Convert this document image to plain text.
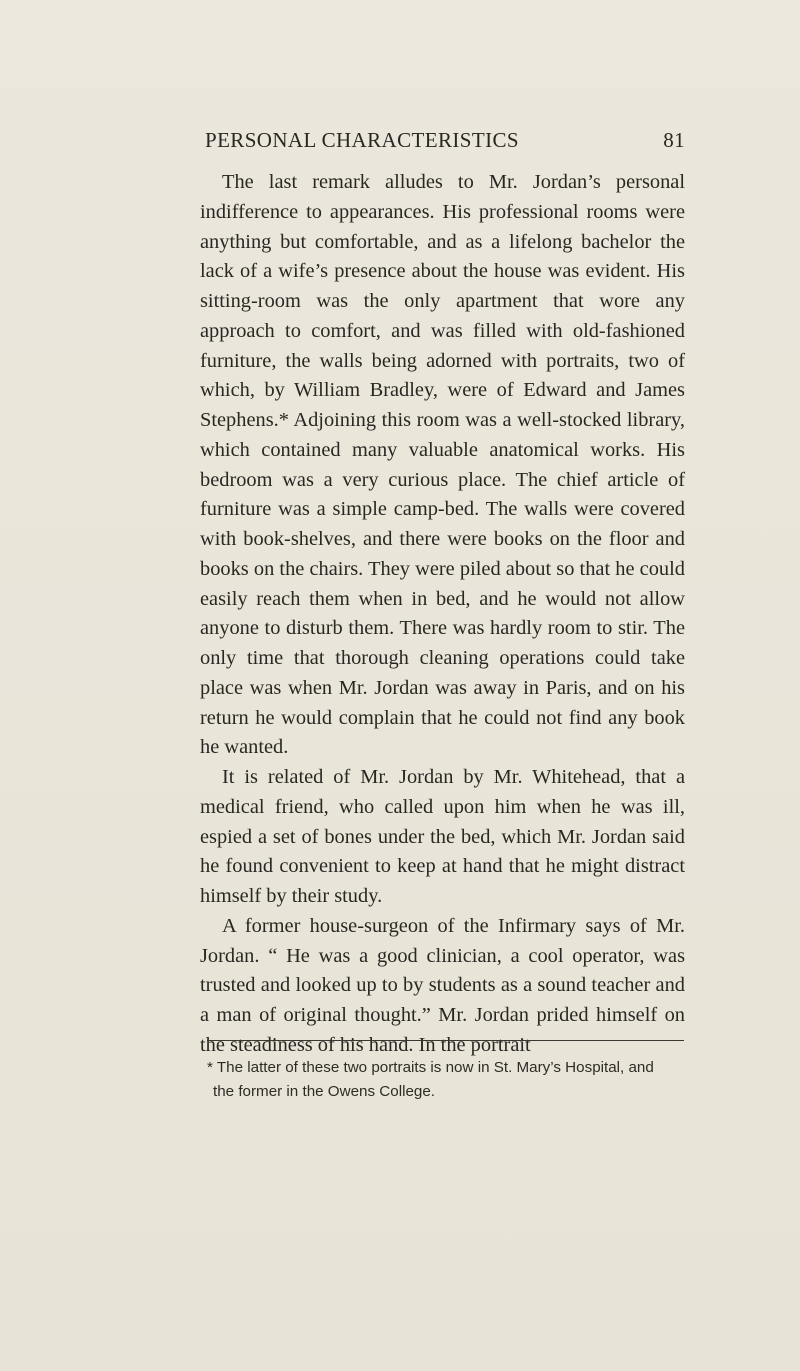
PERSONAL CHARACTERISTICS	81

The last remark alludes to Mr. Jordan’s personal indifference to appearances. His professional rooms were anything but comfortable, and as a lifelong bachelor the lack of a wife’s presence about the house was evident. His sitting-room was the only apartment that wore any approach to comfort, and was filled with old-fashioned furniture, the walls being adorned with portraits, two of which, by William Bradley, were of Edward and James Stephens.* Adjoining this room was a well-stocked library, which contained many valuable anatomical works. His bedroom was a very curious place. The chief article of furniture was a simple camp-bed. The walls were covered with book-shelves, and there were books on the floor and books on the chairs. They were piled about so that he could easily reach them when in bed, and he would not allow anyone to disturb them. There was hardly room to stir. The only time that thorough cleaning operations could take place was when Mr. Jordan was away in Paris, and on his return he would complain that he could not find any book he wanted.

It is related of Mr. Jordan by Mr. Whitehead, that a medical friend, who called upon him when he was ill, espied a set of bones under the bed, which Mr. Jordan said he found convenient to keep at hand that he might distract himself by their study.

A former house-surgeon of the Infirmary says of Mr. Jordan. “ He was a good clinician, a cool operator, was trusted and looked up to by students as a sound teacher and a man of original thought.” Mr. Jordan prided himself on the steadiness of his hand. In the portrait

* The latter of these two portraits is now in St. Mary’s Hospital, and

the former in the Owens College.
